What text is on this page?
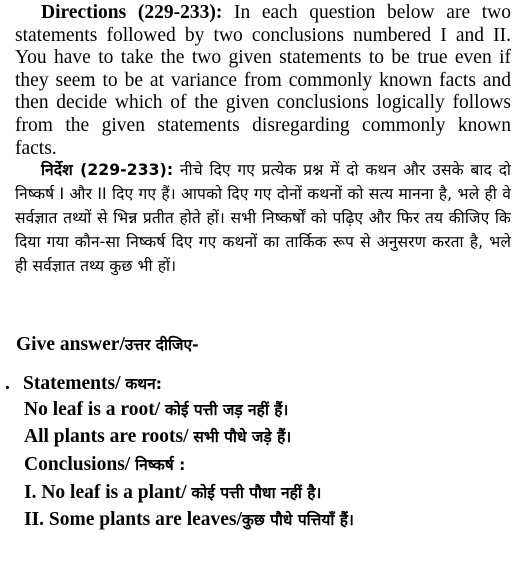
Directions (229-233): In each question below are two statements followed by two conclusions numbered I and II. You have to take the two given statements to be true even if they seem to be at variance from commonly known facts and then decide which of the given conclusions logically follows from the given statements disregarding commonly known facts.
निर्देश (229-233): नीचे दिए गए प्रत्येक प्रश्न में दो कथन और उसके बाद दो निष्कर्ष I और II दिए गए हैं। आपको दिए गए दोनों कथनों को सत्य मानना है, भले ही वे सर्वज्ञात तथ्यों से भिन्न प्रतीत होते हों। सभी निष्कर्षों को पढ़िए और फिर तय कीजिए कि दिया गया कौन-सा निष्कर्ष दिए गए कथनों का तार्किक रूप से अनुसरण करता है, भले ही सर्वज्ञात तथ्य कुछ भी हों।
Give answer/उत्तर दीजिए-
. Statements/ कथन:
No leaf is a root/ कोई पत्ती जड़ नहीं हैं।
All plants are roots/ सभी पौधे जड़े हैं।
Conclusions/ निष्कर्ष :
I. No leaf is a plant/ कोई पत्ती पौधा नहीं है।
II. Some plants are leaves/कुछ पौधे पत्तियाँ हैं।
